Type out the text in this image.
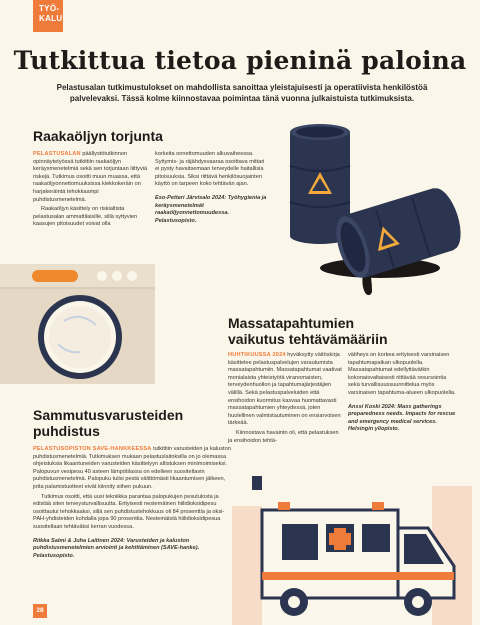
TYÖ-
KALU
Tutkittua tietoa pieninä paloina
Pelastusalan tutkimustulokset on mahdollista sanoittaa yleistajuisesti ja operatiivista henkilöstöä palvelevaksi. Tässä kolme kiinnostavaa poimintaa tänä vuonna julkaistuista tutkimuksista.
Raakaöljyn torjunta

PELASTUSALAN päällystötutkinnon opinnäytetyössä tutkittiin raakaöljyn keräysmenetelmiä sekä sen torjuntaan liittyviä riskejä. Tutkimus osoitti muun muassa, että raakaöljyonnettomuuksissa kiekkokeräin on harjakeräintä tehokkaampi puhdistusmenetelmä.

Raakaöljyn käsittely on riskialtista pelastusalan ammattilaisille, sillä syttyvien kaasujen pitoisuudet voivat olla

korkeita onnettomuuden alkuvaiheessa. Syttymis- ja räjähdysvaaraa osoittava mittari ei pysty havaitsemaan terveydelle haitallisia pitoisuuksia. Siksi riittävä henkilösuojainten käyttö on tarpeen koko tehtävän ajan.

Eso-Petteri Järvisalo 2024: Työhygienia ja keräysmenetelmät raakaöljyonnettomuudessa. Pelastusopisto.

Sammutusvarusteiden
puhdistus

PELASTUSOPISTON SAVE-HANKKEESSA tutkittiin varusteiden ja kaluston puhdistusmenetelmiä. Tutkimuksen mukaan pelastuslaitoksilla on jo olemassa ohjeistuksia likaantuneiden varusteiden käsittelyyn altistuksen minimoimiseksi. Palopuvun vesipesu 40 asteen lämpötilassa on edelleen suositeltavin puhdistusmenetelmä. Palopuku tulisi pestä välittömästi likaantumisen jälkeen, jotta palamistuotteet eivät kiinnity siihen pukuun.

Tutkimus osoitti, että uusi tekniikka parantaa palopukujen pesutulosta ja edistää siten terveysturvallisuutta. Erityisesti nestemäinen hiilidioksidipesu osoittautui tehokkaaksi, sillä sen puhdistustehokkuus oli 84 prosenttia ja oksi-PAH-yhdisteiden kohdalla jopa 90 prosenttia. Nestemäistä hiilidioksidipesua suositellaan tehtäväksi kerran vuodessa.

Riikka Salmi & Juha Laitinen 2024: Varusteiden ja kaluston puhdistusmenetelmien arviointi ja kehittäminen (SAVE-hanke). Pelastusopisto.

Massatapahtumien
vaikutus tehtävämääriin

HUHTIKUUSSA 2024 hyväksytty väitöskirja käsittelee pelastuspalvelujen varautumista massatapahtumiin. Massatapahtumat vaativat monialaista yhteistyötä viranomaisten, terveydenhuollon ja tapahtumajärjestäjien välillä. Sekä pelastuspalveluiden että ensihoidon kuormitus kasvaa huomattavasti massatapahtumien yhteydessä, joten huolellinen valmistautuminen on ensiarvoisen tärkeää.

Kiinnostava havainto oli, että pelastuksen ja ensihoidon tehtä-

vätiheys on korkea erityisesti varsinaisen tapahtumapaikan ulkopuolella. Massatapahtumat edellyttävätkin kokonaisvaltaisesti riittävää resursointia sekä turvallisuussuunnittelua myös varsinaisen tapahtuma-alueen ulkopuolella.

Anssi Koski 2024: Mass gatherings preparedness needs. Impacts for rescue and emergency medical services. Helsingin yliopisto.

28
